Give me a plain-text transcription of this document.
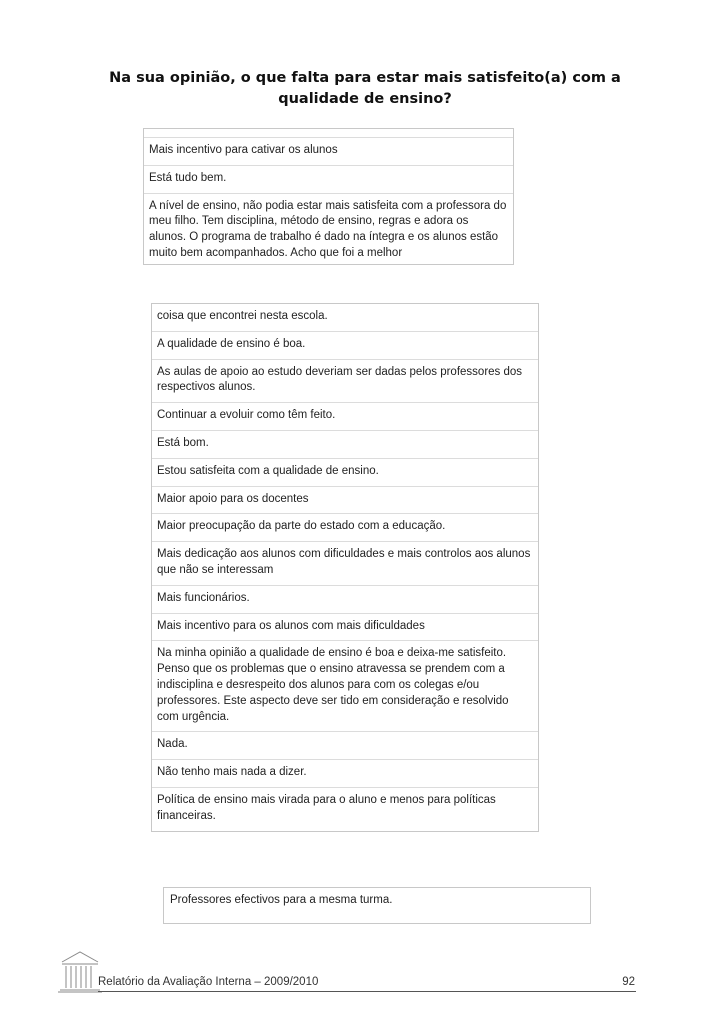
Na sua opinião, o que falta para estar mais satisfeito(a) com a qualidade de ensino?
Mais incentivo para cativar os alunos
Está tudo bem.
A nível de ensino, não podia estar mais satisfeita com a professora do meu filho. Tem disciplina, método de ensino, regras e adora os alunos. O programa de trabalho é dado na íntegra e os alunos estão muito bem acompanhados. Acho que foi a melhor
coisa que encontrei nesta escola.
A qualidade de ensino é boa.
As aulas de apoio ao estudo deveriam ser dadas pelos professores dos respectivos alunos.
Continuar a evoluir como têm feito.
Está bom.
Estou satisfeita com a qualidade de ensino.
Maior apoio para os docentes
Maior preocupação da parte do estado com a educação.
Mais dedicação aos alunos com dificuldades e mais controlos aos alunos que não se interessam
Mais funcionários.
Mais incentivo para os alunos com mais dificuldades
Na minha opinião a qualidade de ensino é boa e deixa-me satisfeito. Penso que os problemas que o ensino atravessa se prendem com a indisciplina e desrespeito dos alunos para com os colegas e/ou professores. Este aspecto deve ser tido em consideração e resolvido com urgência.
Nada.
Não tenho mais nada a dizer.
Política de ensino mais virada para o aluno e menos para políticas financeiras.
Professores efectivos para a mesma turma.
Relatório da Avaliação Interna – 2009/2010	92
